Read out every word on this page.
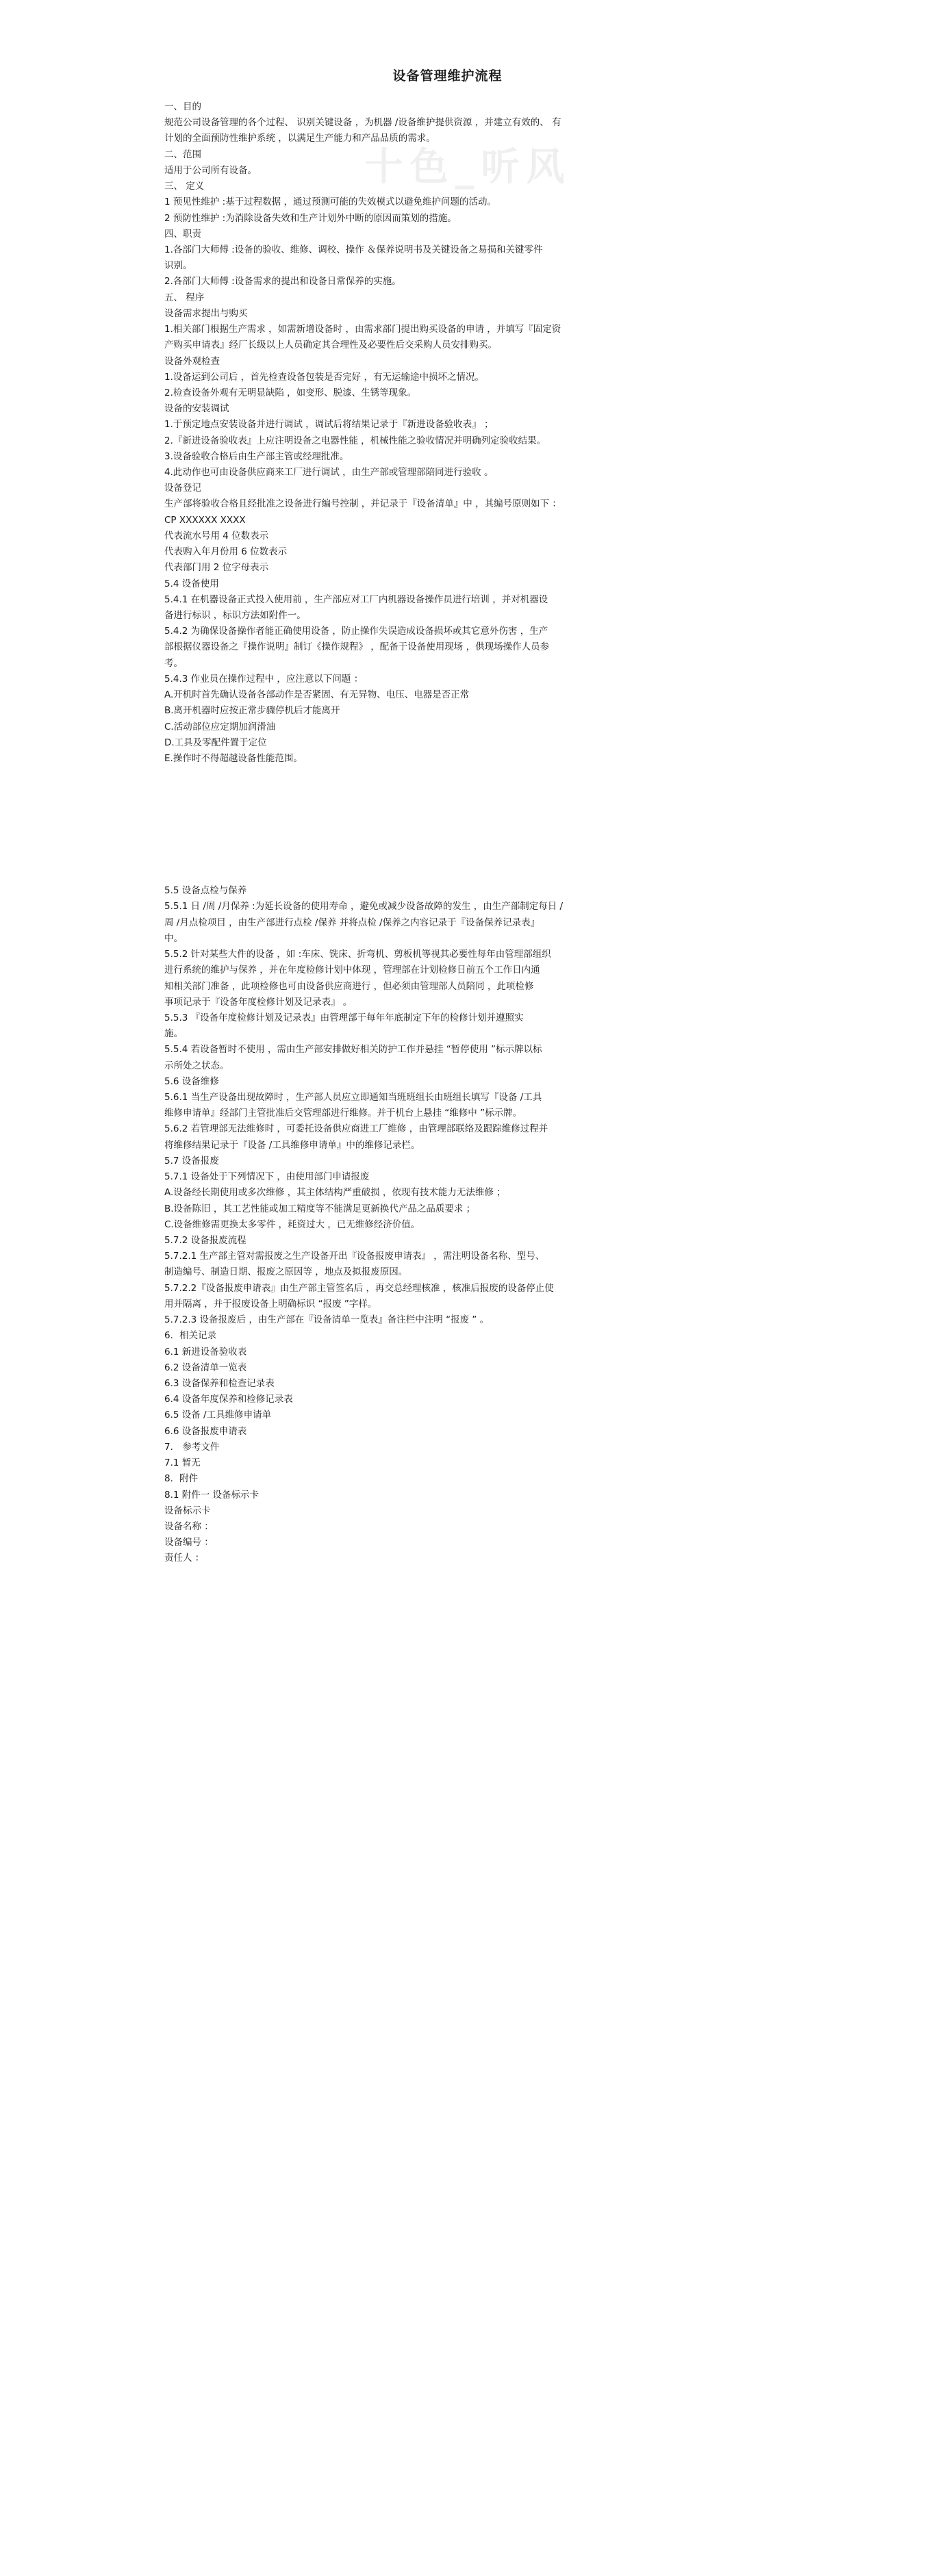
十色_听风
设备管理维护流程

一、目的

规范公司设备管理的各个过程、 识别关键设备 ，为机器 /设备维护提供资源 ，并建立有效的、 有

计划的全面预防性维护系统 ，以满足生产能力和产品品质的需求。

二、范围

适用于公司所有设备。

三、 定义

1 预见性维护 :基于过程数据 ，通过预测可能的失效模式以避免维护问题的活动。

2 预防性维护 :为消除设备失效和生产计划外中断的原因而策划的措施。

四、职责

1.各部门大师傅 :设备的验收、维修、调校、操作 ＆保养说明书及关键设备之易损和关键零件

识别。

2.各部门大师傅 :设备需求的提出和设备日常保养的实施。

五、 程序

设备需求提出与购买

1.相关部门根据生产需求 ，如需新增设备时 ，由需求部门提出购买设备的申请 ，并填写『固定资

产购买申请表』经厂长级以上人员确定其合理性及必要性后交采购人员安排购买。

设备外观检查

1.设备运到公司后 ，首先检查设备包装是否完好 ，有无运输途中损坏之情况。

2.检查设备外观有无明显缺陷 ，如变形、脱漆、生锈等现象。

设备的安装调试

1.于预定地点安装设备并进行调试 ，调试后将结果记录于『新进设备验收表』 ；

2.『新进设备验收表』上应注明设备之电器性能 ，机械性能之验收情况并明确列定验收结果。

3.设备验收合格后由生产部主管或经理批准。

4.此动作也可由设备供应商来工厂进行调试 ，由生产部或管理部陪同进行验收 。

设备登记

生产部将验收合格且经批准之设备进行编号控制 ，并记录于『设备清单』中 ，其编号原则如下 ：

CP XXXXXX XXXX

代表流水号用 4 位数表示

代表购入年月份用 6 位数表示

代表部门用 2 位字母表示

5.4 设备使用

5.4.1 在机器设备正式投入使用前 ，生产部应对工厂内机器设备操作员进行培训 ，并对机器设

备进行标识 ，标识方法如附件一。

5.4.2 为确保设备操作者能正确使用设备 ，防止操作失误造成设备损坏或其它意外伤害 ，生产

部根据仪器设备之『操作说明』制订《操作规程》 ，配备于设备使用现场 ，供现场操作人员参

考。

5.4.3 作业员在操作过程中 ，应注意以下问题 ：

A.开机时首先确认设备各部动作是否紧固、有无异物、电压、电器是否正常

B.离开机器时应按正常步骤停机后才能离开

C.活动部位应定期加润滑油

D.工具及零配件置于定位

E.操作时不得超越设备性能范围。

5.5 设备点检与保养

5.5.1 日 /周 /月保养 :为延长设备的使用寿命 ，避免或减少设备故障的发生 ，由生产部制定每日 /

周 /月点检项目 ，由生产部进行点检 /保养 并将点检 /保养之内容记录于『设备保养记录表』

中。

5.5.2 针对某些大件的设备 ，如 :车床、铣床、折弯机、剪板机等视其必要性每年由管理部组织

进行系统的维护与保养 ，并在年度检修计划中体现 ，管理部在计划检修日前五个工作日内通

知相关部门准备 ，此项检修也可由设备供应商进行 ，但必须由管理部人员陪同 ，此项检修

事项记录于『设备年度检修计划及记录表』 。

5.5.3 『设备年度检修计划及记录表』由管理部于每年年底制定下年的检修计划并遵照实

施。

5.5.4 若设备暂时不使用 ，需由生产部安排做好相关防护工作并悬挂 “暂停使用 ”标示牌以标

示所处之状态。

5.6 设备维修

5.6.1 当生产设备出现故障时 ，生产部人员应立即通知当班班组长由班组长填写『设备 /工具

维修申请单』经部门主管批准后交管理部进行维修。并于机台上悬挂 “维修中 ”标示牌。

5.6.2 若管理部无法维修时 ，可委托设备供应商进工厂维修 ，由管理部联络及跟踪维修过程并

将维修结果记录于『设备 /工具维修申请单』中的维修记录栏。

5.7 设备报废

5.7.1 设备处于下列情况下 ，由使用部门申请报废

A.设备经长期使用或多次维修 ，其主体结构严重破损 ，依现有技术能力无法维修 ；

B.设备陈旧 ，其工艺性能或加工精度等不能满足更新换代产品之品质要求 ；

C.设备维修需更换太多零件 ，耗资过大 ，已无维修经济价值。

5.7.2 设备报废流程

5.7.2.1 生产部主管对需报废之生产设备开出『设备报废申请表』 ，需注明设备名称、型号、

制造编号、制造日期、报废之原因等 ，地点及拟报废原因。

5.7.2.2『设备报废申请表』由生产部主管签名后 ，再交总经理核准 ，核准后报废的设备停止使

用并隔离 ，并于报废设备上明确标识 “报废 ”字样。

5.7.2.3 设备报废后 ，由生产部在『设备清单一览表』备注栏中注明 “报废 ” 。

6．相关记录

6.1 新进设备验收表

6.2 设备清单一览表

6.3 设备保养和检查记录表

6.4 设备年度保养和检修记录表

6.5 设备 /工具维修申请单

6.6 设备报废申请表

7． 参考文件

7.1 暂无

8．附件

8.1 附件一 设备标示卡

设备标示卡

设备名称 ：

设备编号 ：

责任人 ：
